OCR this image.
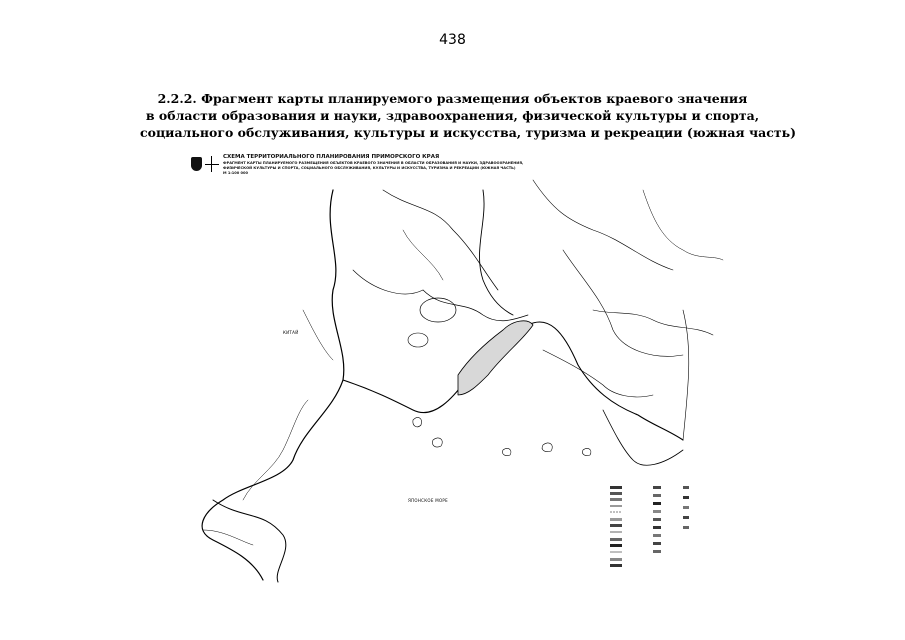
438
2.2.2. Фрагмент карты планируемого размещения объектов краевого значения
в области образования и науки, здравоохранения, физической культуры и спорта,
социального обслуживания, культуры и искусства, туризма и рекреации (южная часть)
КИТАЙ
ЯПОНСКОЕ МОРЕ
СХЕМА ТЕРРИТОРИАЛЬНОГО ПЛАНИРОВАНИЯ ПРИМОРСКОГО КРАЯ
ФРАГМЕНТ КАРТЫ ПЛАНИРУЕМОГО РАЗМЕЩЕНИЯ ОБЪЕКТОВ КРАЕВОГО ЗНАЧЕНИЯ В ОБЛАСТИ ОБРАЗОВАНИЯ И НАУКИ, ЗДРАВООХРАНЕНИЯ,
ФИЗИЧЕСКОЙ КУЛЬТУРЫ И СПОРТА, СОЦИАЛЬНОГО ОБСЛУЖИВАНИЯ, КУЛЬТУРЫ И ИСКУССТВА, ТУРИЗМА И РЕКРЕАЦИИ (ЮЖНАЯ ЧАСТЬ)
М 1:100 000
